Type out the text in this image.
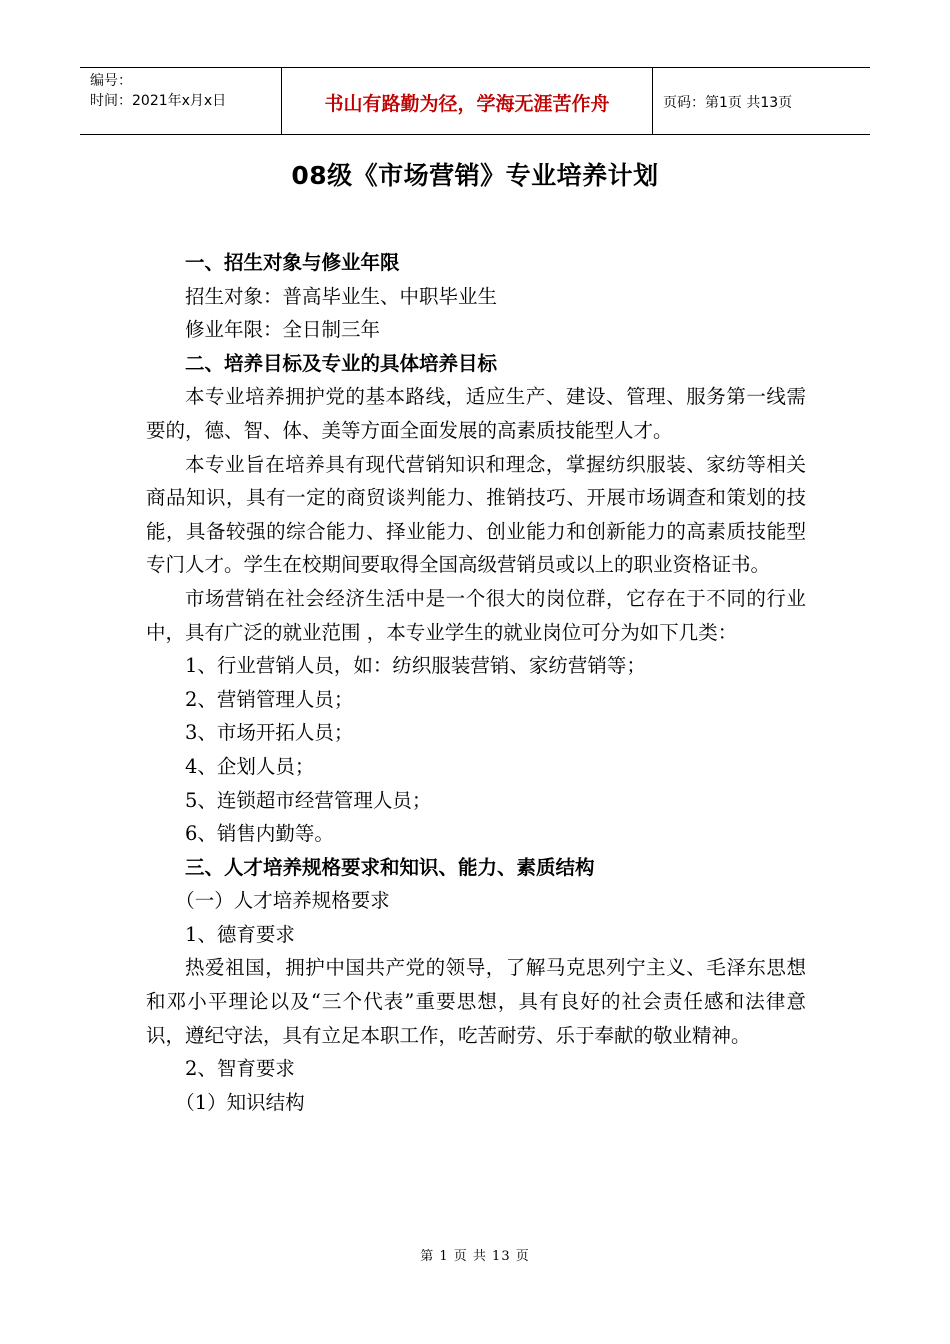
编号：
时间：2021年x月x日	书山有路勤为径，学海无涯苦作舟	页码：第1页 共13页
08级《市场营销》专业培养计划

一、招生对象与修业年限

招生对象：普高毕业生、中职毕业生

修业年限：全日制三年

二、培养目标及专业的具体培养目标

本专业培养拥护党的基本路线，适应生产、建设、管理、服务第一线需要的，德、智、体、美等方面全面发展的高素质技能型人才。

本专业旨在培养具有现代营销知识和理念，掌握纺织服装、家纺等相关商品知识，具有一定的商贸谈判能力、推销技巧、开展市场调查和策划的技能，具备较强的综合能力、择业能力、创业能力和创新能力的高素质技能型专门人才。学生在校期间要取得全国高级营销员或以上的职业资格证书。

市场营销在社会经济生活中是一个很大的岗位群，它存在于不同的行业中，具有广泛的就业范围 ，本专业学生的就业岗位可分为如下几类：

1、行业营销人员，如：纺织服装营销、家纺营销等；

2、营销管理人员；

3、市场开拓人员；

4、企划人员；

5、连锁超市经营管理人员；

6、销售内勤等。

三、人才培养规格要求和知识、能力、素质结构

（一）人才培养规格要求

1、德育要求

热爱祖国，拥护中国共产党的领导，了解马克思列宁主义、毛泽东思想和邓小平理论以及“三个代表”重要思想，具有良好的社会责任感和法律意识，遵纪守法，具有立足本职工作，吃苦耐劳、乐于奉献的敬业精神。

2、智育要求

（1）知识结构

第 1 页 共 13 页
